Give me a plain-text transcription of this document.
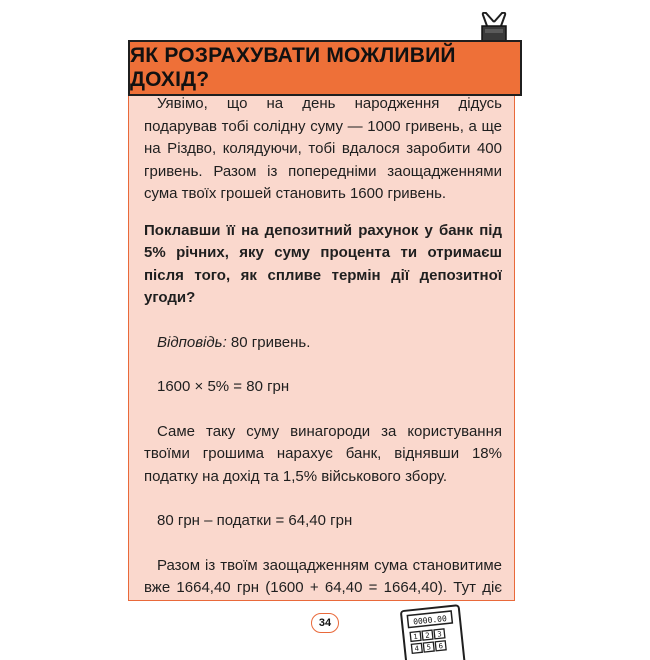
ЯК РОЗРАХУВАТИ МОЖЛИВИЙ ДОХІД?

Уявімо, що на день народження дідусь подарував тобі солідну суму — 1000 гривень, а ще на Різдво, колядуючи, тобі вдалося заробити 400 гривень. Разом із попередніми заощадженнями сума твоїх грошей становить 1600 гривень.

Поклавши її на депозитний рахунок у банк під 5% річних, яку суму процента ти отримаєш після того, як спливе термін дії депозитної угоди?

Відповідь: 80 гривень.

1600 × 5% = 80 грн

Саме таку суму винагороди за користування твоїми грошима нарахує банк, віднявши 18% податку на дохід та 1,5% військового збору.

80 грн – податки = 64,40 грн

Разом із твоїм заощадженням сума становитиме вже 1664,40 грн (1600 + 64,40 = 1664,40). Тут діє

34	0000.00
1 2 3
4 5 6
